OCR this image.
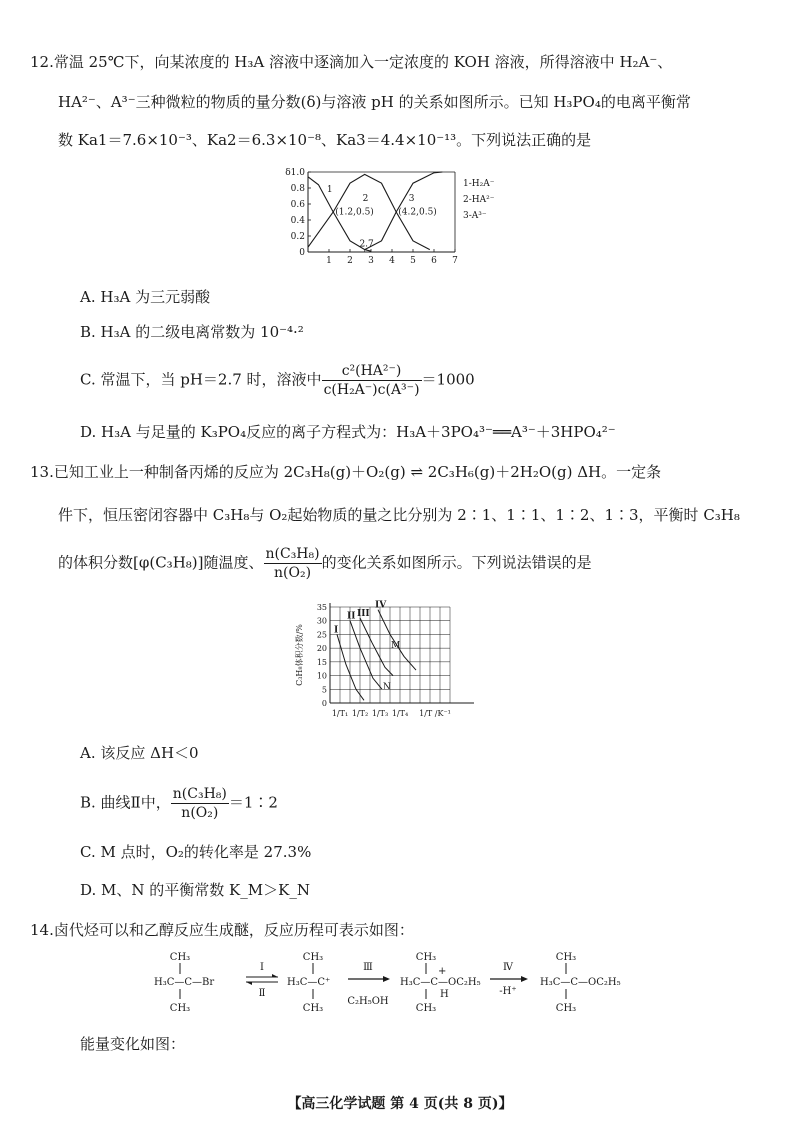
12.常温 25℃下，向某浓度的 H₃A 溶液中逐滴加入一定浓度的 KOH 溶液，所得溶液中 H₂A⁻、
HA²⁻、A³⁻三种微粒的物质的量分数(δ)与溶液 pH 的关系如图所示。已知 H₃PO₄的电离平衡常
数 Ka1＝7.6×10⁻³、Ka2＝6.3×10⁻⁸、Ka3＝4.4×10⁻¹³。下列说法正确的是
1 2 3 4 5 6 7
0
0.2
0.4
0.6
0.8
δ1.0
1
2	3
(1.2,0.5)	(4.2,0.5)
2.7
1-H₂A⁻
2-HA²⁻
3-A³⁻
A. H₃A 为三元弱酸
B. H₃A 的二级电离常数为 10⁻⁴·²
C. 常温下，当 pH＝2.7 时，溶液中 $\frac{\text{c²(HA²⁻)}}{\text{c(H₂A⁻)c(A³⁻)}} =1000$
D. H₃A 与足量的 K₃PO₄反应的离子方程式为：H₃A＋3PO₄³⁻══A³⁻＋3HPO₄²⁻
13.已知工业上一种制备丙烯的反应为 2C₃H₈(g)＋O₂(g) ⇌ 2C₃H₆(g)＋2H₂O(g) ΔH。一定条
件下，恒压密闭容器中 C₃H₈与 O₂起始物质的量之比分别为 2∶1、1∶1、1∶2、1∶3，平衡时 C₃H₈
的体积分数[φ(C₃H₈)]随温度、 $\frac{\text{n(C₃H₈)}}{\text{n(O₂)}}$ 的变化关系如图所示。下列说法错误的是
0
5
10
15
20
25
30
35
C₃H₈体积分数/%
1/T₁ 1/T₂ 1/T₃ 1/T₄ 1/T /K⁻¹
I
II III
IV
M
N
A. 该反应 ΔH＜0
B. 曲线Ⅱ中， $\frac{\text{n(C₃H₈)}}{\text{n(O₂)}}$ ＝1∶2
C. M 点时，O₂的转化率是 27.3%
D. M、N 的平衡常数 K_M＞K_N
14.卤代烃可以和乙醇反应生成醚，反应历程可表示如图：
CH₃
H₃C—C—Br
CH₃
Ⅰ
Ⅱ
CH₃
H₃C—C⁺
CH₃
Ⅲ
C₂H₅OH
CH₃
+
H₃C—C—OC₂H₅
H
CH₃
Ⅳ
-H⁺
CH₃
H₃C—C—OC₂H₅
CH₃
能量变化如图：
【高三化学试题 第 4 页(共 8 页)】
